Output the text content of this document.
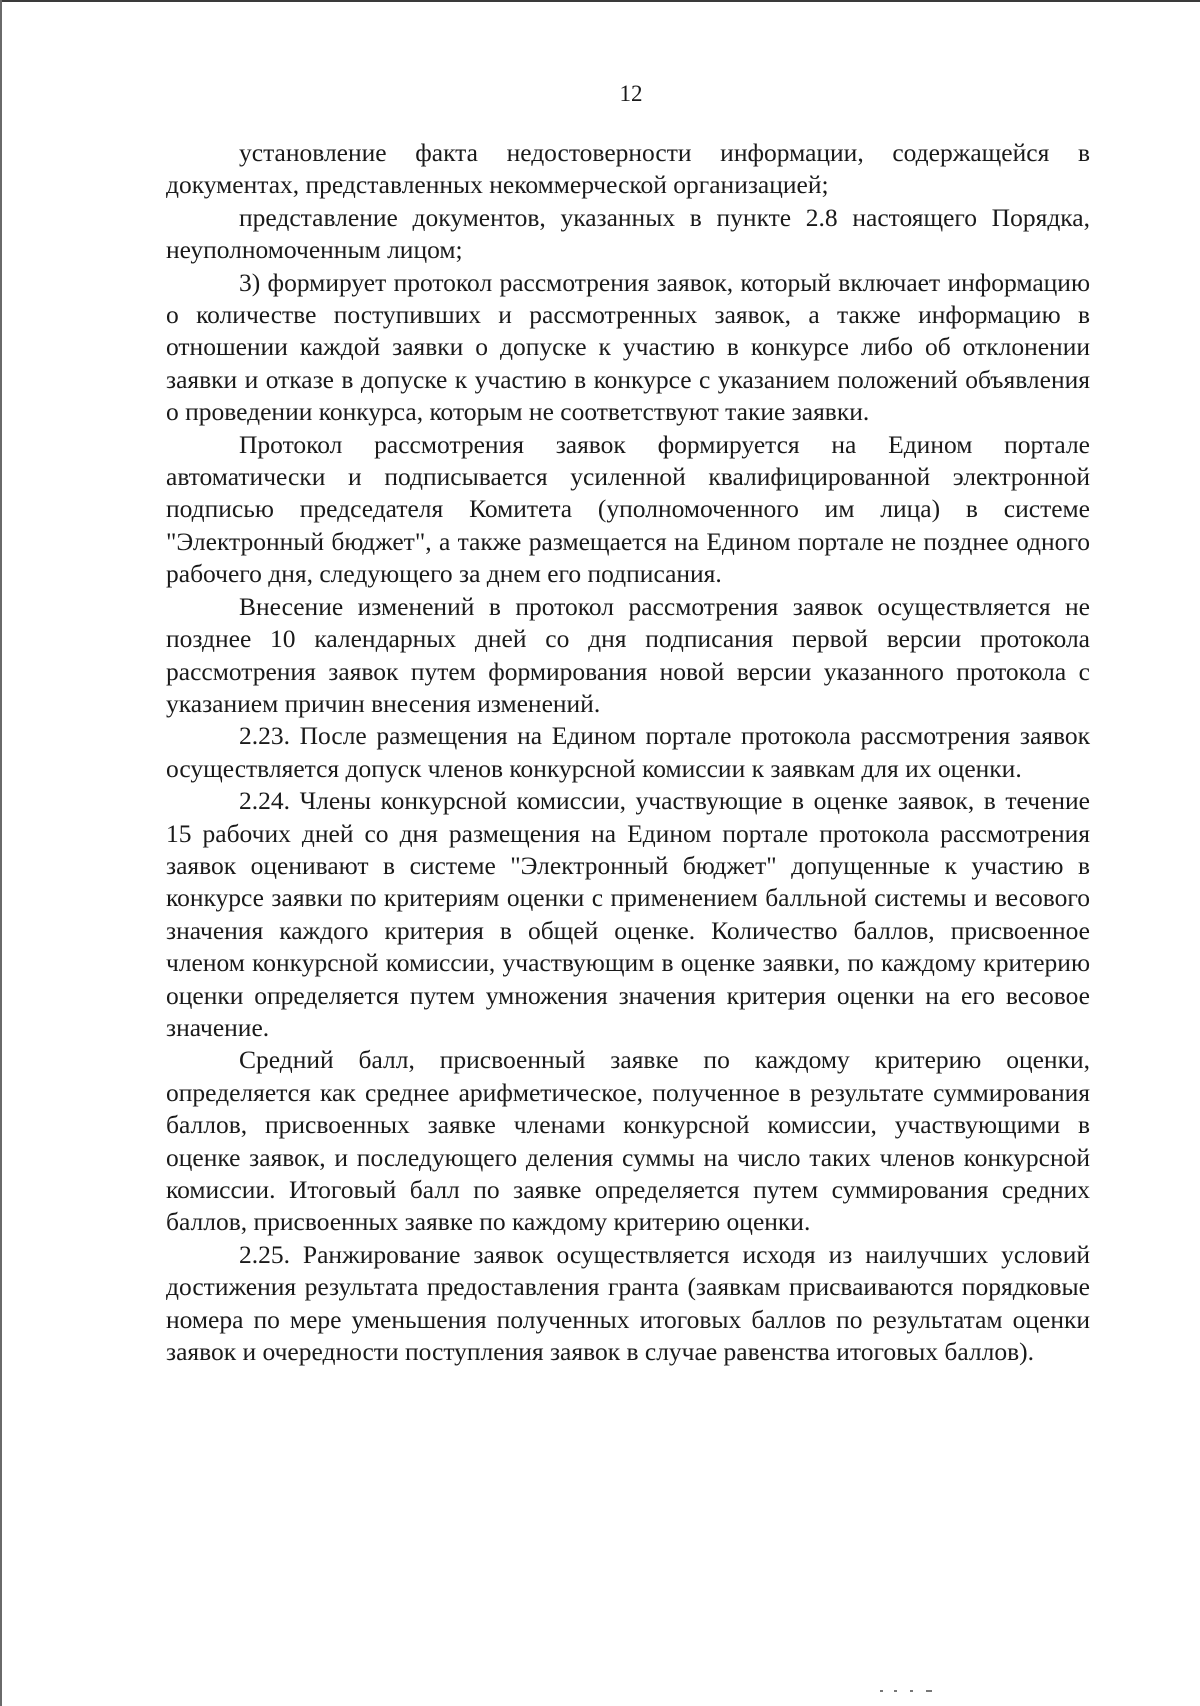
12

установление факта недостоверности информации, содержащейся в документах, представленных некоммерческой организацией;

представление документов, указанных в пункте 2.8 настоящего Порядка, неуполномоченным лицом;

3) формирует протокол рассмотрения заявок, который включает информацию о количестве поступивших и рассмотренных заявок, а также информацию в отношении каждой заявки о допуске к участию в конкурсе либо об отклонении заявки и отказе в допуске к участию в конкурсе с указанием положений объявления о проведении конкурса, которым не соответствуют такие заявки.

Протокол рассмотрения заявок формируется на Едином портале автоматически и подписывается усиленной квалифицированной электронной подписью председателя Комитета (уполномоченного им лица) в системе "Электронный бюджет", а также размещается на Едином портале не позднее одного рабочего дня, следующего за днем его подписания.

Внесение изменений в протокол рассмотрения заявок осуществляется не позднее 10 календарных дней со дня подписания первой версии протокола рассмотрения заявок путем формирования новой версии указанного протокола с указанием причин внесения изменений.

2.23. После размещения на Едином портале протокола рассмотрения заявок осуществляется допуск членов конкурсной комиссии к заявкам для их оценки.

2.24. Члены конкурсной комиссии, участвующие в оценке заявок, в течение 15 рабочих дней со дня размещения на Едином портале протокола рассмотрения заявок оценивают в системе "Электронный бюджет" допущенные к участию в конкурсе заявки по критериям оценки с применением балльной системы и весового значения каждого критерия в общей оценке. Количество баллов, присвоенное членом конкурсной комиссии, участвующим в оценке заявки, по каждому критерию оценки определяется путем умножения значения критерия оценки на его весовое значение.

Средний балл, присвоенный заявке по каждому критерию оценки, определяется как среднее арифметическое, полученное в результате суммирования баллов, присвоенных заявке членами конкурсной комиссии, участвующими в оценке заявок, и последующего деления суммы на число таких членов конкурсной комиссии. Итоговый балл по заявке определяется путем суммирования средних баллов, присвоенных заявке по каждому критерию оценки.

2.25. Ранжирование заявок осуществляется исходя из наилучших условий достижения результата предоставления гранта (заявкам присваиваются порядковые номера по мере уменьшения полученных итоговых баллов по результатам оценки заявок и очередности поступления заявок в случае равенства итоговых баллов).
